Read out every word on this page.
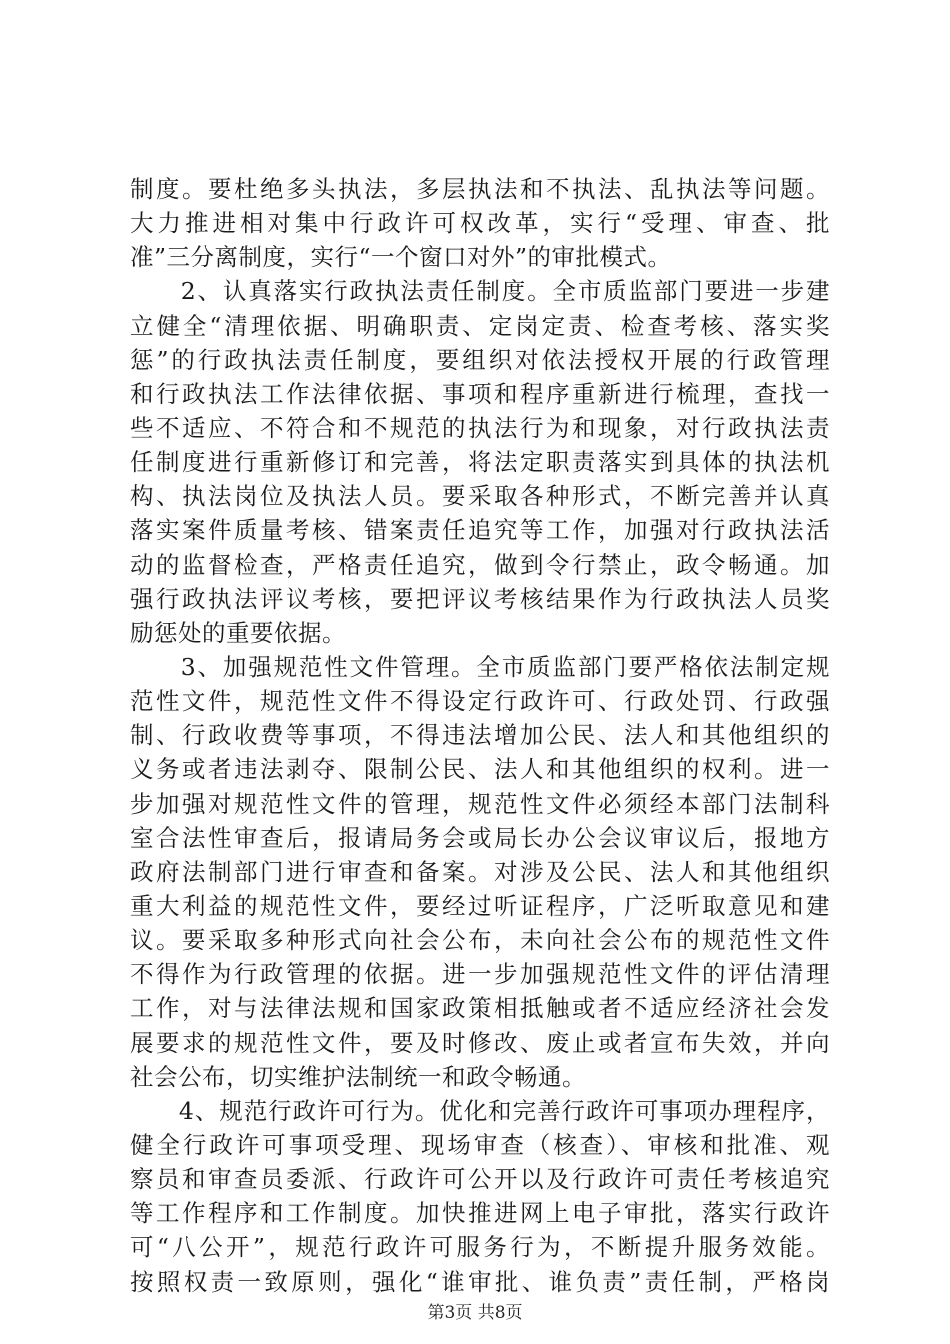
制度。要杜绝多头执法，多层执法和不执法、乱执法等问题。
大力推进相对集中行政许可权改革，实行“受理、审查、批
准”三分离制度，实行“一个窗口对外”的审批模式。
　　2、认真落实行政执法责任制度。全市质监部门要进一步建
立健全“清理依据、明确职责、定岗定责、检查考核、落实奖
惩”的行政执法责任制度，要组织对依法授权开展的行政管理
和行政执法工作法律依据、事项和程序重新进行梳理，查找一
些不适应、不符合和不规范的执法行为和现象，对行政执法责
任制度进行重新修订和完善，将法定职责落实到具体的执法机
构、执法岗位及执法人员。要采取各种形式，不断完善并认真
落实案件质量考核、错案责任追究等工作，加强对行政执法活
动的监督检查，严格责任追究，做到令行禁止，政令畅通。加
强行政执法评议考核，要把评议考核结果作为行政执法人员奖
励惩处的重要依据。
　　3、加强规范性文件管理。全市质监部门要严格依法制定规
范性文件，规范性文件不得设定行政许可、行政处罚、行政强
制、行政收费等事项，不得违法增加公民、法人和其他组织的
义务或者违法剥夺、限制公民、法人和其他组织的权利。进一
步加强对规范性文件的管理，规范性文件必须经本部门法制科
室合法性审查后，报请局务会或局长办公会议审议后，报地方
政府法制部门进行审查和备案。对涉及公民、法人和其他组织
重大利益的规范性文件，要经过听证程序，广泛听取意见和建
议。要采取多种形式向社会公布，未向社会公布的规范性文件
不得作为行政管理的依据。进一步加强规范性文件的评估清理
工作，对与法律法规和国家政策相抵触或者不适应经济社会发
展要求的规范性文件，要及时修改、废止或者宣布失效，并向
社会公布，切实维护法制统一和政令畅通。
　　4、规范行政许可行为。优化和完善行政许可事项办理程序，
健全行政许可事项受理、现场审查（核查）、审核和批准、观
察员和审查员委派、行政许可公开以及行政许可责任考核追究
等工作程序和工作制度。加快推进网上电子审批，落实行政许
可“八公开”，规范行政许可服务行为，不断提升服务效能。
按照权责一致原则，强化“谁审批、谁负责”责任制，严格岗
第3页 共8页
